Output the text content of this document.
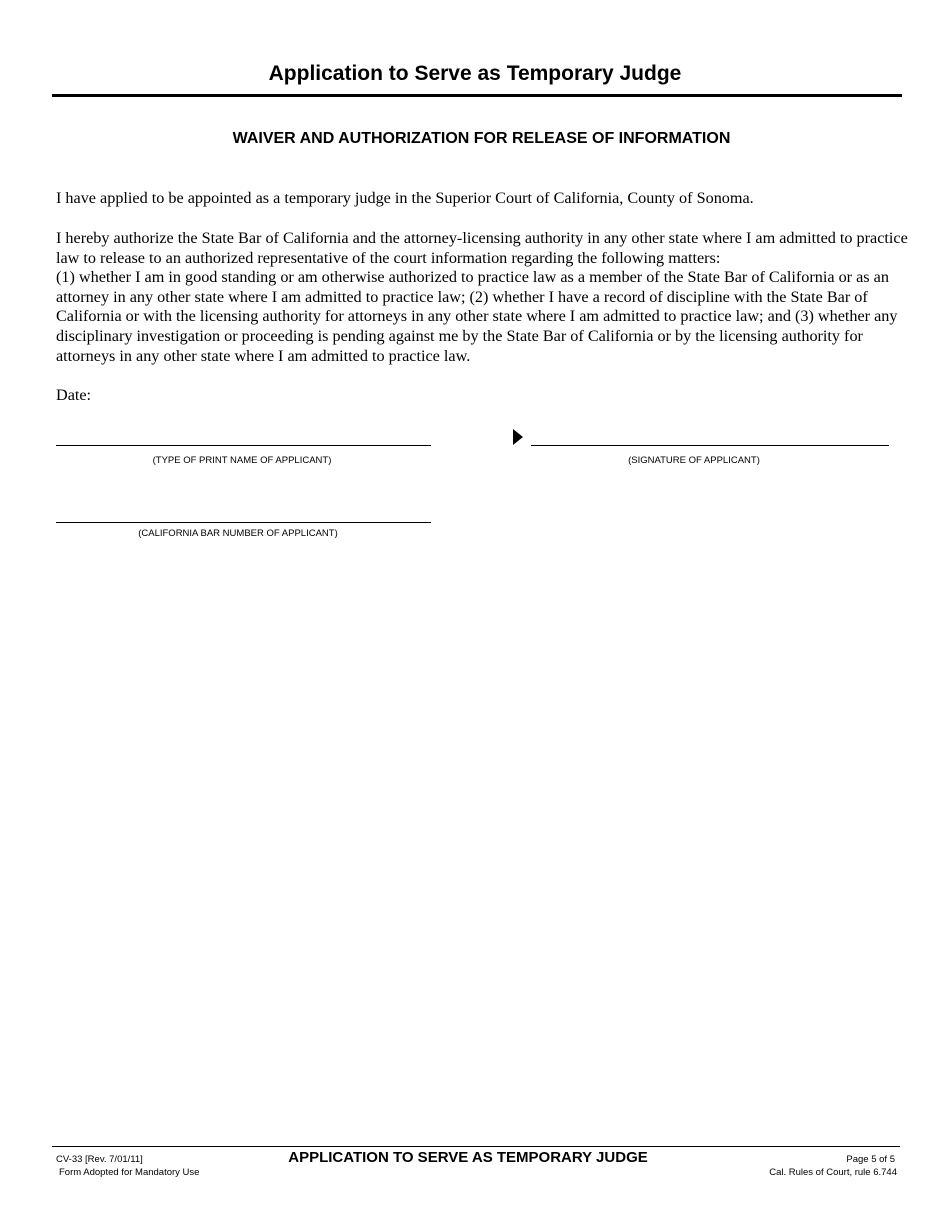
Application to Serve as Temporary Judge
WAIVER AND AUTHORIZATION FOR RELEASE OF INFORMATION

I have applied to be appointed as a temporary judge in the Superior Court of California, County of Sonoma.

I hereby authorize the State Bar of California and the attorney-licensing authority in any other state where I am admitted to practice law to release to an authorized representative of the court information regarding the following matters:
(1) whether I am in good standing or am otherwise authorized to practice law as a member of the State Bar of California or as an attorney in any other state where I am admitted to practice law; (2) whether I have a record of discipline with the State Bar of California or with the licensing authority for attorneys in any other state where I am admitted to practice law; and (3) whether any disciplinary investigation or proceeding is pending against me by the State Bar of California or by the licensing authority for attorneys in any other state where I am admitted to practice law.
Date:
(TYPE OF PRINT NAME OF APPLICANT)	(SIGNATURE OF APPLICANT)
(CALIFORNIA BAR NUMBER OF APPLICANT)
CV-33 [Rev. 7/01/11]
Form Adopted for Mandatory Use
APPLICATION TO SERVE AS TEMPORARY JUDGE	Page 5 of 5
Cal. Rules of Court, rule 6.744
